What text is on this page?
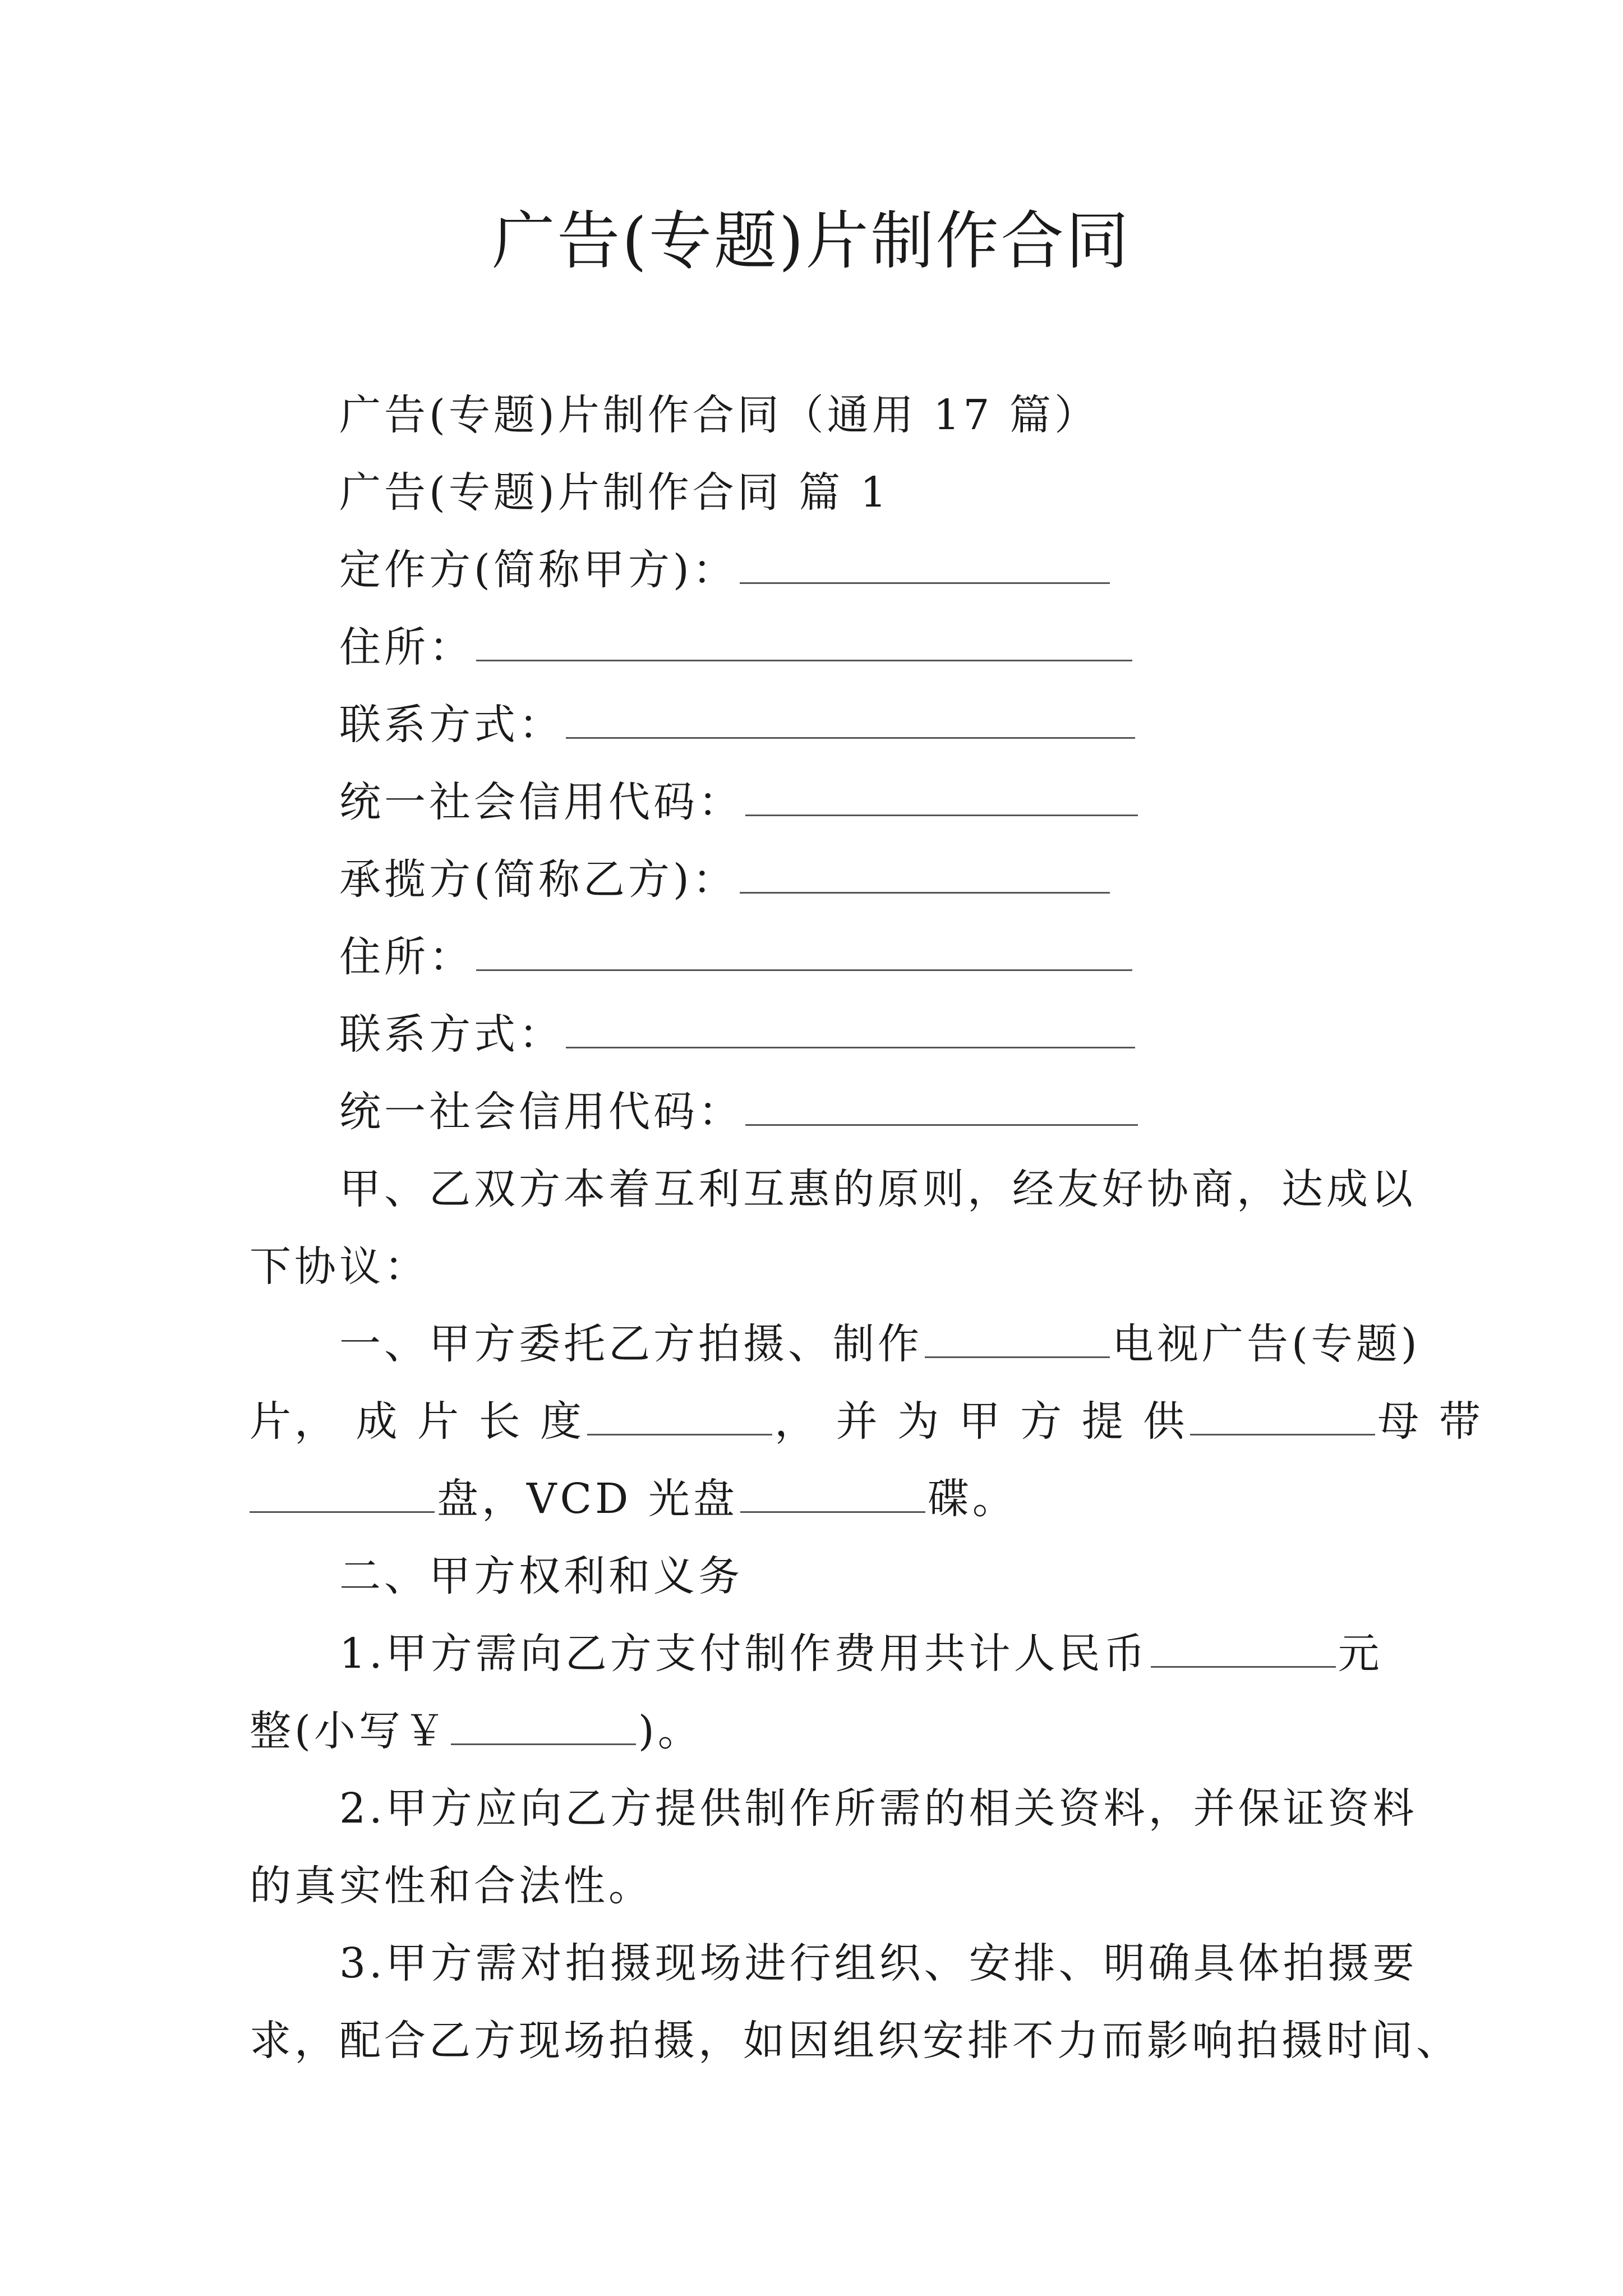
广告(专题)片制作合同
广告(专题)片制作合同（通用 17 篇）
广告(专题)片制作合同 篇 1
定作方(简称甲方)：
住所：
联系方式：
统一社会信用代码：
承揽方(简称乙方)：
住所：
联系方式：
统一社会信用代码：
甲、乙双方本着互利互惠的原则，经友好协商，达成以
下协议：
一、甲方委托乙方拍摄、制作	电视广告(专题)
片， 成 片 长 度	， 并 为 甲 方 提 供	母 带
盘，VCD 光盘	碟。
二、甲方权利和义务
1.甲方需向乙方支付制作费用共计人民币	元
整(小写￥	)。
2.甲方应向乙方提供制作所需的相关资料，并保证资料
的真实性和合法性。
3.甲方需对拍摄现场进行组织、安排、明确具体拍摄要
求，配合乙方现场拍摄，如因组织安排不力而影响拍摄时间、
